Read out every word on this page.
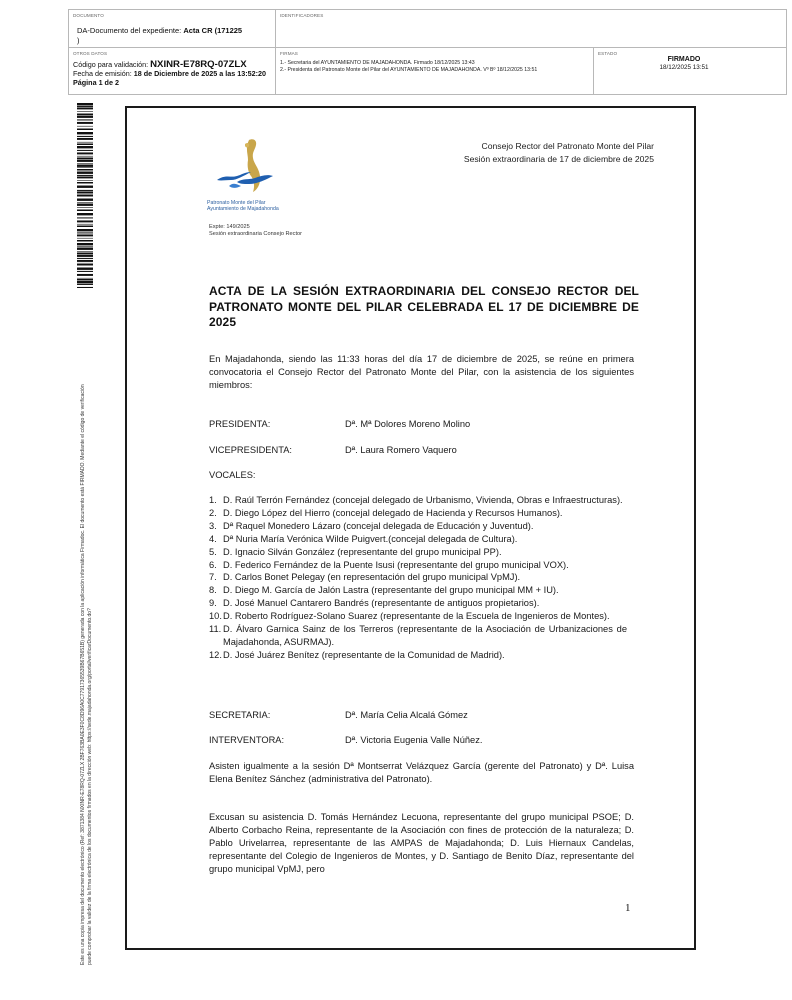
DOCUMENTO
DA-Documento del expediente: Acta CR (171225
)
IDENTIFICADORES
OTROS DATOS
Código para validación: NXINR-E78RQ-07ZLX
Fecha de emisión: 18 de Diciembre de 2025 a las 13:52:20
Página 1 de 2
FIRMAS
1.- Secretaria del AYUNTAMIENTO DE MAJADAHONDA. Firmado 18/12/2025 13:43
2.- Presidenta del Patronato Monte del Pilar del AYUNTAMIENTO DE MAJADAHONDA. Vº Bº 18/12/2025 13:51
ESTADO
FIRMADO
18/12/2025 13:51
Este es una copia impresa del documento electrónico (Ref: 3871384 NXINR-E78RQ-07ZLX 2BF763BA0E3F0C8D96A0C77917365539B67B651B) generada con la aplicación informática Firmadoc. El documento está FIRMADO. Mediante el código de verificación puede comprobar la validez de la firma electrónica de los documentos firmados en la dirección web: https://sede.majadahonda.org/portal/verificarDocumento.do?
Consejo Rector del Patronato Monte del Pilar
Sesión extraordinaria de 17 de diciembre de 2025
Patronato Monte del Pilar
Ayuntamiento de Majadahonda
Expte: 149/2025
Sesión extraordinaria Consejo Rector
ACTA DE LA SESIÓN EXTRAORDINARIA DEL CONSEJO RECTOR DEL PATRONATO MONTE DEL PILAR CELEBRADA EL 17 DE DICIEMBRE DE 2025
En Majadahonda, siendo las 11:33 horas del día 17 de diciembre de 2025, se reúne en primera convocatoria el Consejo Rector del Patronato Monte del Pilar, con la asistencia de los siguientes miembros:
PRESIDENTA:	Dª. Mª Dolores Moreno Molino
VICEPRESIDENTA:	Dª. Laura Romero Vaquero
VOCALES:
1. D. Raúl Terrón Fernández (concejal delegado de Urbanismo, Vivienda, Obras e Infraestructuras).
2. D. Diego López del Hierro (concejal delegado de Hacienda y Recursos Humanos).
3. Dª Raquel Monedero Lázaro (concejal delegada de Educación y Juventud).
4. Dª Nuria María Verónica Wilde Puigvert.(concejal delegada de Cultura).
5. D. Ignacio Silván González (representante del grupo municipal PP).
6. D. Federico Fernández de la Puente Isusi (representante del grupo municipal VOX).
7. D. Carlos Bonet Pelegay (en representación del grupo municipal VpMJ).
8. D. Diego M. García de Jalón Lastra (representante del grupo municipal MM + IU).
9. D. José Manuel Cantarero Bandrés (representante de antiguos propietarios).
10. D. Roberto Rodríguez-Solano Suarez (representante de la Escuela de Ingenieros de Montes).
11. D. Álvaro Garnica Sainz de los Terreros (representante de la Asociación de Urbanizaciones de Majadahonda, ASURMAJ).
12. D. José Juárez Benítez (representante de la Comunidad de Madrid).
SECRETARIA:	Dª. María Celia Alcalá Gómez
INTERVENTORA:	Dª. Victoria Eugenia Valle Núñez.
Asisten igualmente a la sesión Dª Montserrat Velázquez García (gerente del Patronato) y Dª. Luisa Elena Benítez Sánchez (administrativa del Patronato).
Excusan su asistencia D. Tomás Hernández Lecuona, representante del grupo municipal PSOE; D. Alberto Corbacho Reina, representante de la Asociación con fines de protección de la naturaleza; D. Pablo Urivelarrea, representante de las AMPAS de Majadahonda; D. Luis Hiernaux Candelas, representante del Colegio de Ingenieros de Montes, y D. Santiago de Benito Díaz, representante del grupo municipal VpMJ, pero
1
